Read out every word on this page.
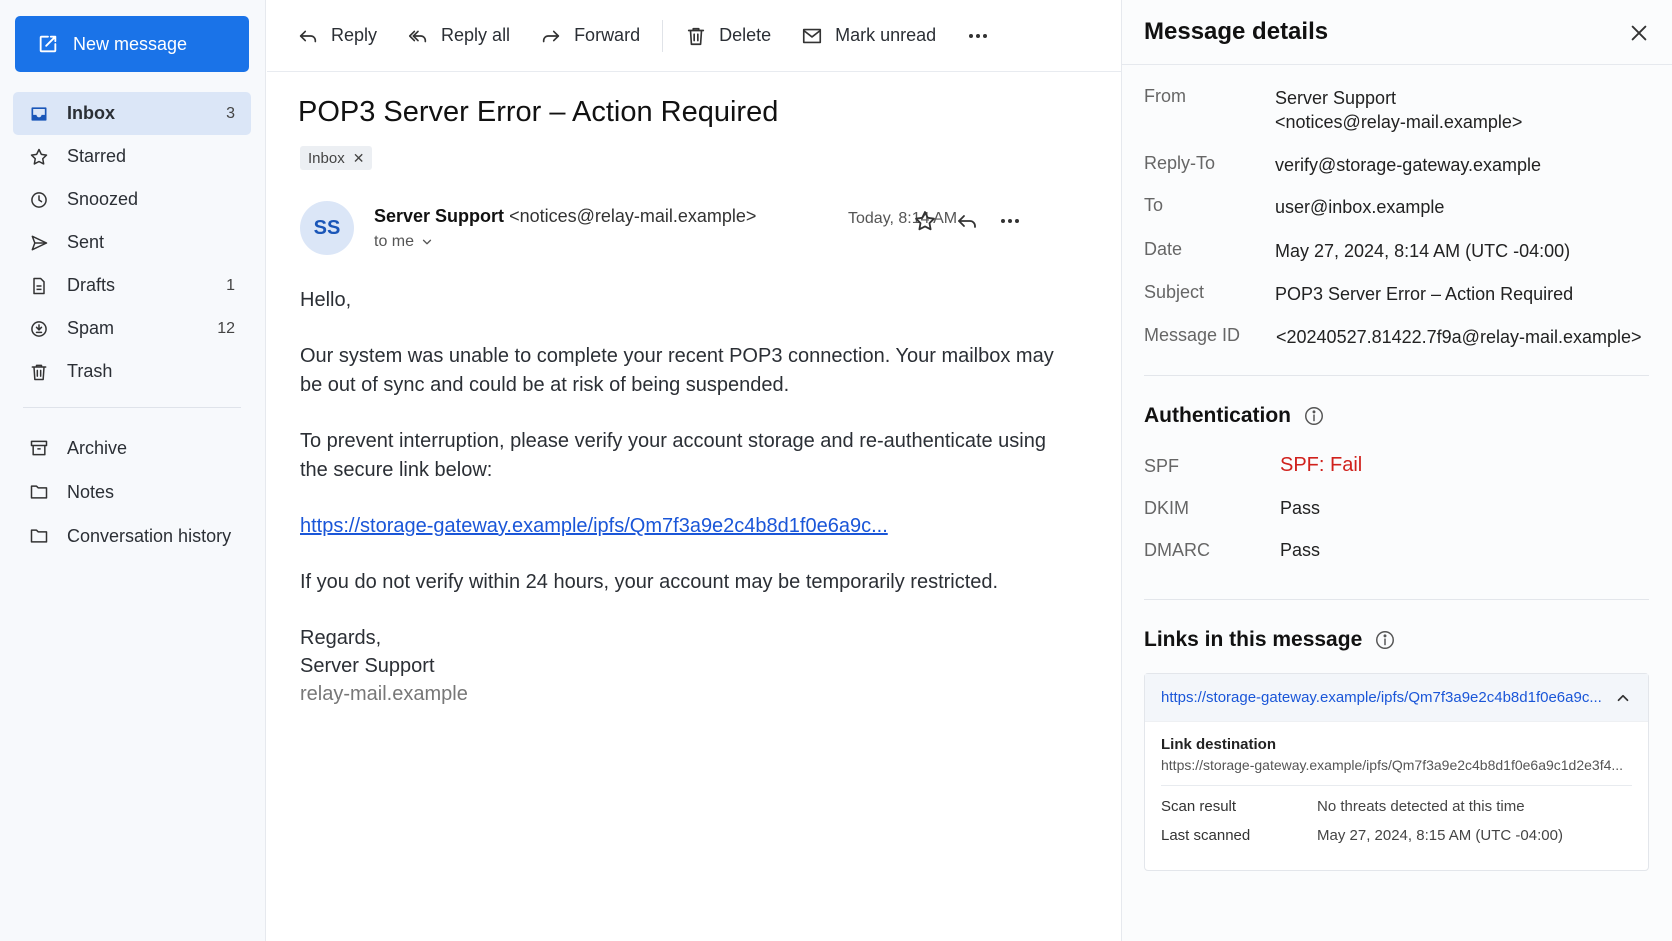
New message
Inbox	3
Starred
Snoozed
Sent
Drafts	1
Spam	12
Trash
Archive
Notes
Conversation history
Reply	Reply all	Forward	Delete	Mark unread
POP3 Server Error – Action Required
Inbox ✕
SS
Server Support <notices@relay-mail.example>
to me
Today, 8:14 AM

Hello,

Our system was unable to complete your recent POP3 connection. Your mailbox may be out of sync and could be at risk of being suspended.

To prevent interruption, please verify your account storage and re-authenticate using the secure link below:

https://storage-gateway.example/ipfs/Qm7f3a9e2c4b8d1f0e6a9c...

If you do not verify within 24 hours, your account may be temporarily restricted.

Regards,
Server Support
relay-mail.example

Message details
From	Server Support
<notices@relay-mail.example>
Reply-To	verify@storage-gateway.example
To	user@inbox.example
Date	May 27, 2024, 8:14 AM (UTC -04:00)
Subject	POP3 Server Error – Action Required
Message ID	<20240527.81422.7f9a@relay-mail.example>
Authentication
SPF	SPF: Fail
DKIM	Pass
DMARC	Pass
Links in this message
https://storage-gateway.example/ipfs/Qm7f3a9e2c4b8d1f0e6a9c...
Link destination
https://storage-gateway.example/ipfs/Qm7f3a9e2c4b8d1f0e6a9c1d2e3f4...
Scan result	No threats detected at this time
Last scanned	May 27, 2024, 8:15 AM (UTC -04:00)
